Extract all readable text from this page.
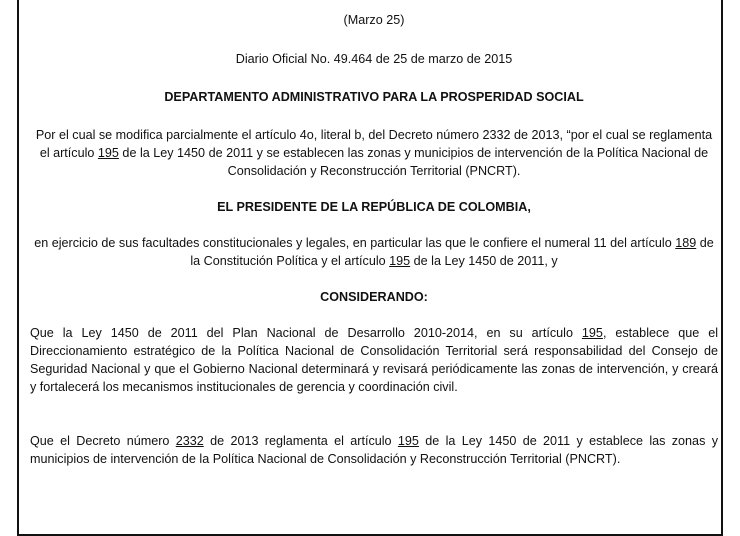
(Marzo 25)

Diario Oficial No. 49.464 de 25 de marzo de 2015

DEPARTAMENTO ADMINISTRATIVO PARA LA PROSPERIDAD SOCIAL

Por el cual se modifica parcialmente el artículo 4o, literal b, del Decreto número 2332 de 2013, “por el cual se reglamenta el artículo 195 de la Ley 1450 de 2011 y se establecen las zonas y municipios de intervención de la Política Nacional de Consolidación y Reconstrucción Territorial (PNCRT).

EL PRESIDENTE DE LA REPÚBLICA DE COLOMBIA,

en ejercicio de sus facultades constitucionales y legales, en particular las que le confiere el numeral 11 del artículo 189 de la Constitución Política y el artículo 195 de la Ley 1450 de 2011, y

CONSIDERANDO:

Que la Ley 1450 de 2011 del Plan Nacional de Desarrollo 2010-2014, en su artículo 195, establece que el Direccionamiento estratégico de la Política Nacional de Consolidación Territorial será responsabilidad del Consejo de Seguridad Nacional y que el Gobierno Nacional determinará y revisará periódicamente las zonas de intervención, y creará y fortalecerá los mecanismos institucionales de gerencia y coordinación civil.

Que el Decreto número 2332 de 2013 reglamenta el artículo 195 de la Ley 1450 de 2011 y establece las zonas y municipios de intervención de la Política Nacional de Consolidación y Reconstrucción Territorial (PNCRT).
